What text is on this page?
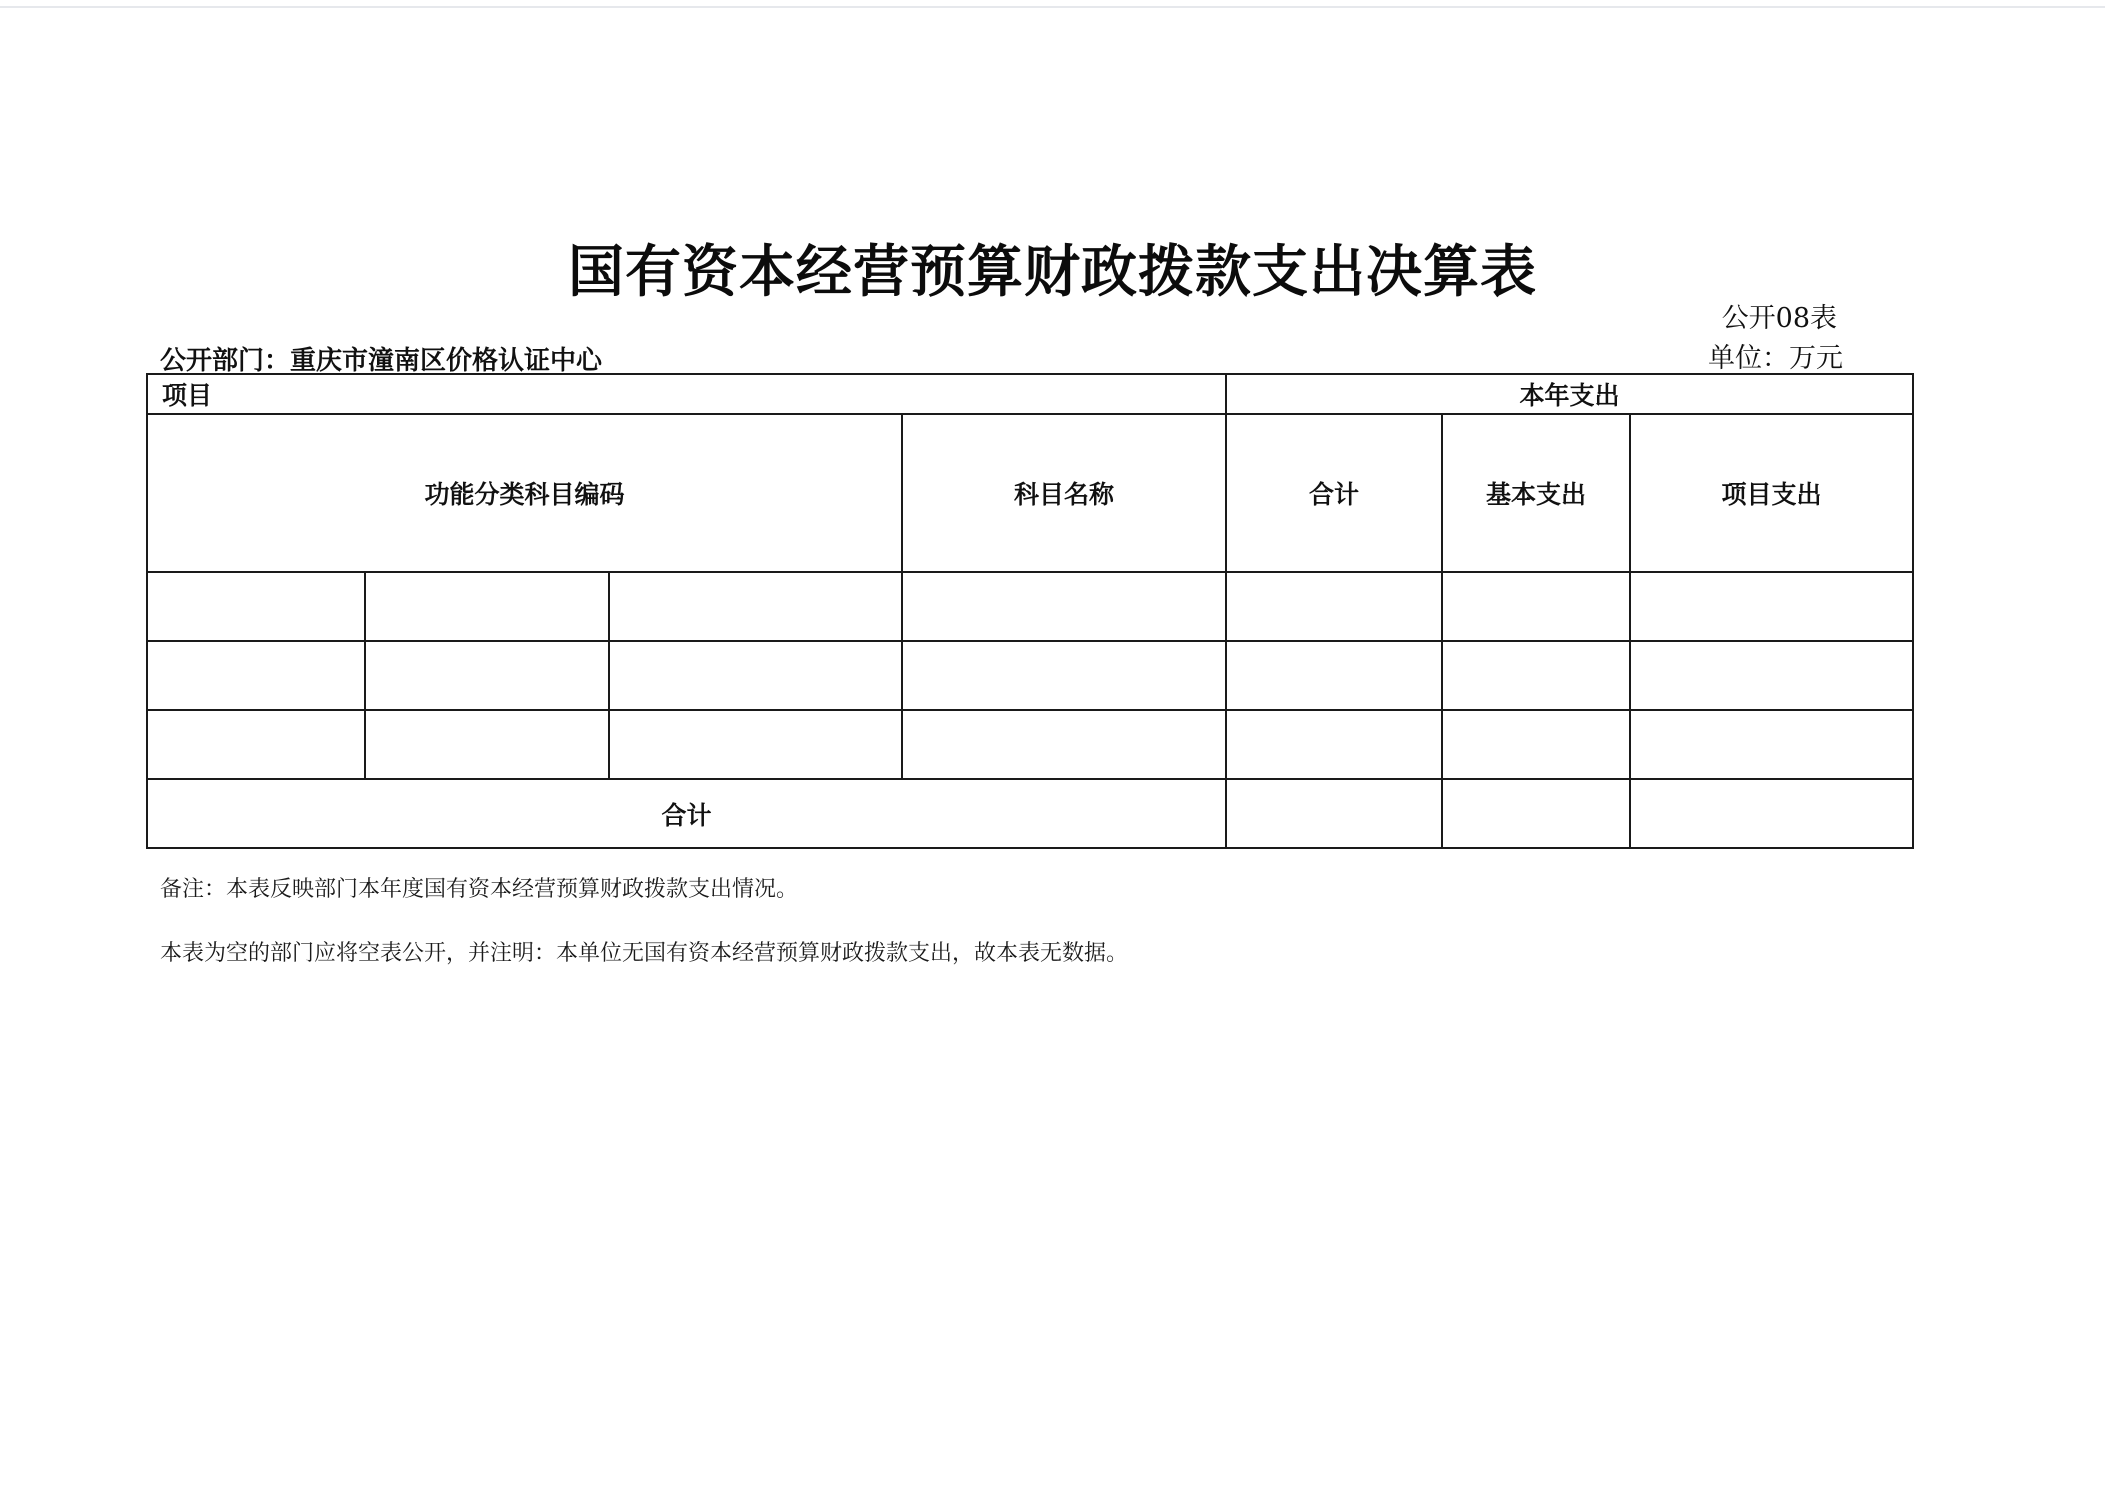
国有资本经营预算财政拨款支出决算表
公开08表
公开部门：重庆市潼南区价格认证中心	单位：万元
项目				本年支出		
功能分类科目编码			科目名称	合计	基本支出	项目支出

合计						
备注：本表反映部门本年度国有资本经营预算财政拨款支出情况。
本表为空的部门应将空表公开，并注明：本单位无国有资本经营预算财政拨款支出，故本表无数据。
